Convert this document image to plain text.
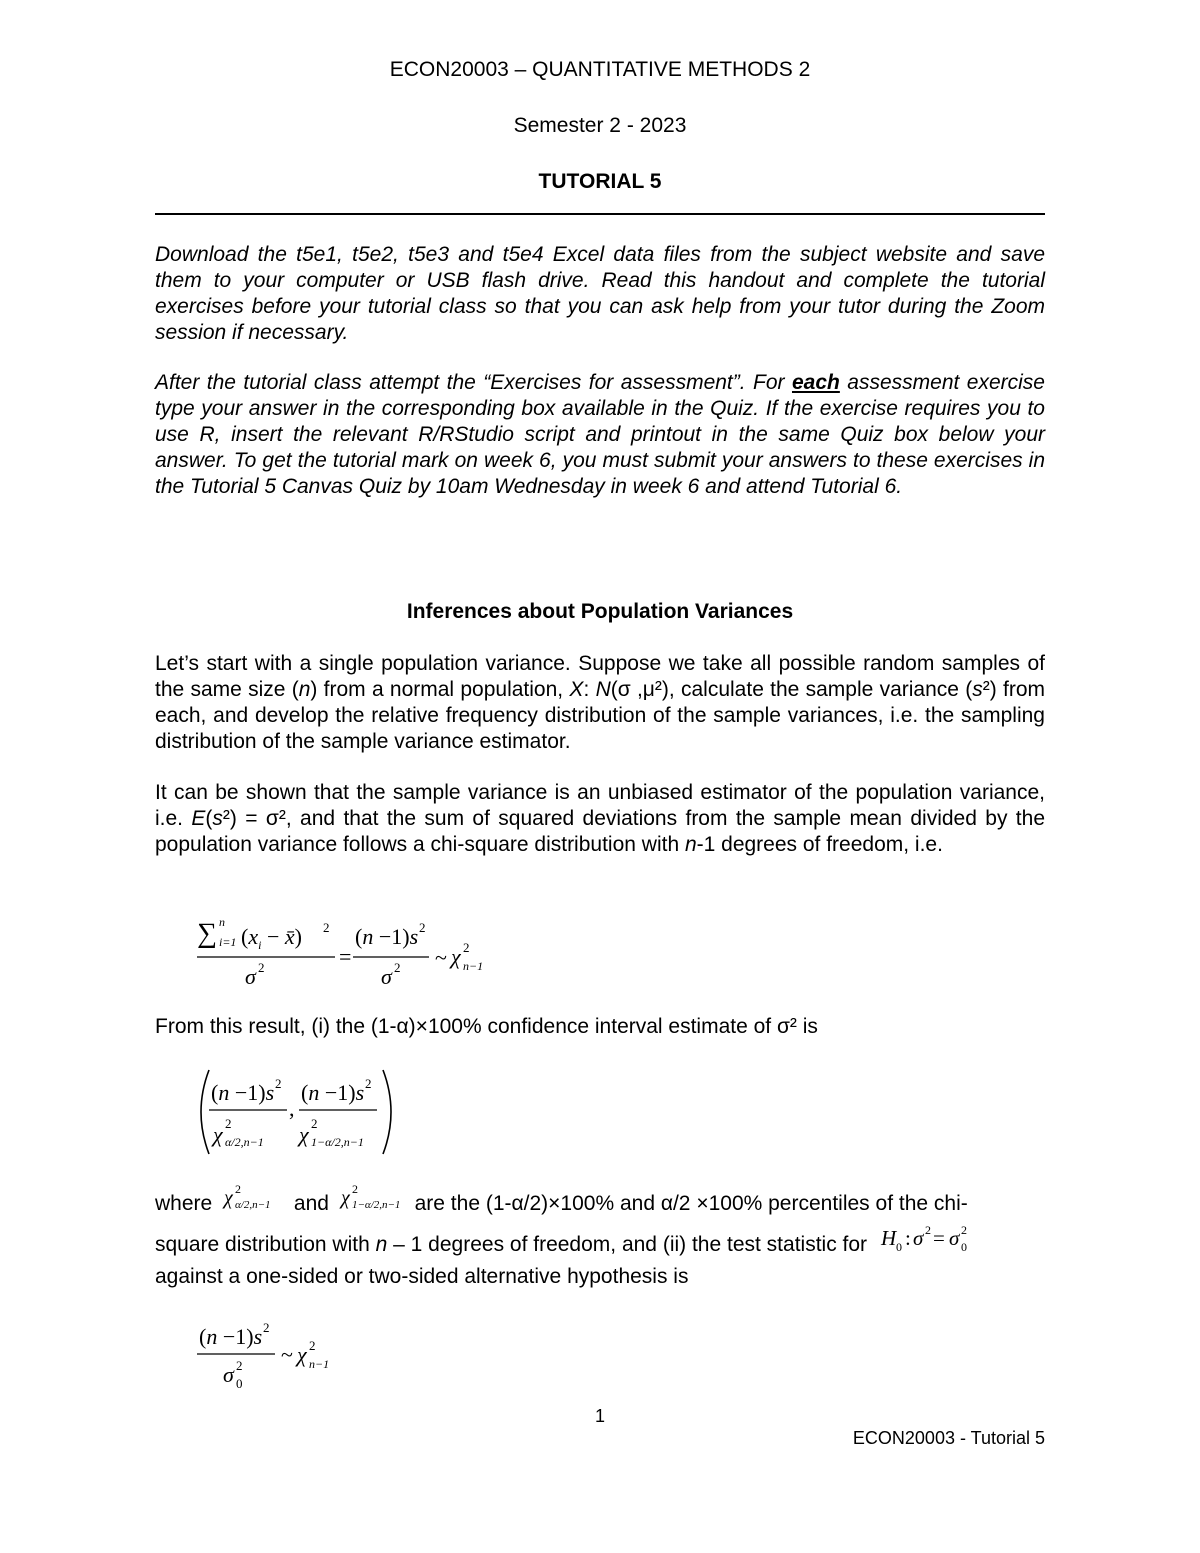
ECON20003 – QUANTITATIVE METHODS 2
Semester 2 - 2023
TUTORIAL 5
Download the t5e1, t5e2, t5e3 and t5e4 Excel data files from the subject website and save them to your computer or USB flash drive. Read this handout and complete the tutorial exercises before your tutorial class so that you can ask help from your tutor during the Zoom session if necessary.
After the tutorial class attempt the “Exercises for assessment”. For each assessment exercise type your answer in the corresponding box available in the Quiz. If the exercise requires you to use R, insert the relevant R/RStudio script and printout in the same Quiz box below your answer. To get the tutorial mark on week 6, you must submit your answers to these exercises in the Tutorial 5 Canvas Quiz by 10am Wednesday in week 6 and attend Tutorial 6.
Inferences about Population Variances
Let’s start with a single population variance. Suppose we take all possible random samples of the same size (n) from a normal population, X: N(σ ,μ²), calculate the sample variance (s²) from each, and develop the relative frequency distribution of the sample variances, i.e. the sampling distribution of the sample variance estimator.
It can be shown that the sample variance is an unbiased estimator of the population variance, i.e. E(s²) = σ², and that the sum of squared deviations from the sample mean divided by the population variance follows a chi-square distribution with n-1 degrees of freedom, i.e.
∑ n
i=1 ($x_i$ − x̄) 2
σ 2	=
(n −1)s 2
σ 2 ~ χ 2
n−1
From this result, (i) the (1-α)×100% confidence interval estimate of σ² is
(n −1)s 2
χ 2
α/2,n−1
,
(n −1)s 2
χ 2
1−α/2,n−1
where χ 2
α/2,n−1 and χ 2
1−α/2,n−1 are the (1-α/2)×100% and α/2 ×100% percentiles of the chi-
square distribution with n – 1 degrees of freedom, and (ii) the test statistic for H 0 : σ 2 = σ 2
0
against a one-sided or two-sided alternative hypothesis is
(n −1)s 2
σ 2
0
~ χ 2
n−1
1
ECON20003 - Tutorial 5
